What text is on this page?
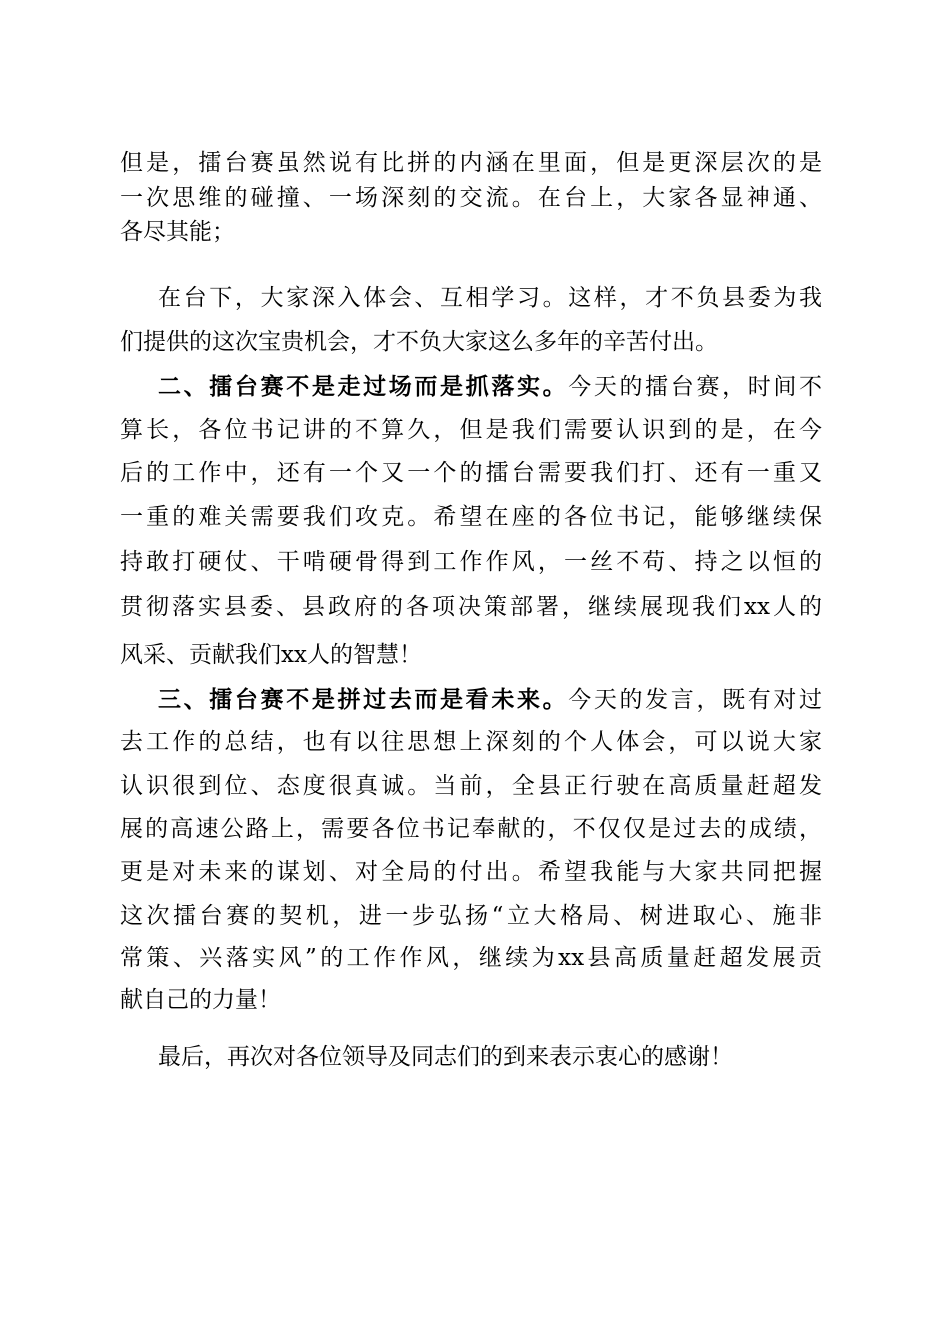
但是，擂台赛虽然说有比拼的内涵在里面，但是更深层次的是
一次思维的碰撞、一场深刻的交流。在台上，大家各显神通、
各尽其能；
在台下，大家深入体会、互相学习。这样，才不负县委为我
们提供的这次宝贵机会，才不负大家这么多年的辛苦付出。
二、擂台赛不是走过场而是抓落实。今天的擂台赛，时间不
算长，各位书记讲的不算久，但是我们需要认识到的是，在今
后的工作中，还有一个又一个的擂台需要我们打、还有一重又
一重的难关需要我们攻克。希望在座的各位书记，能够继续保
持敢打硬仗、干啃硬骨得到工作作风，一丝不苟、持之以恒的
贯彻落实县委、县政府的各项决策部署，继续展现我们xx人的
风采、贡献我们xx人的智慧！
三、擂台赛不是拼过去而是看未来。今天的发言，既有对过
去工作的总结，也有以往思想上深刻的个人体会，可以说大家
认识很到位、态度很真诚。当前，全县正行驶在高质量赶超发
展的高速公路上，需要各位书记奉献的，不仅仅是过去的成绩，
更是对未来的谋划、对全局的付出。希望我能与大家共同把握
这次擂台赛的契机，进一步弘扬“立大格局、树进取心、施非
常策、兴落实风”的工作作风，继续为xx县高质量赶超发展贡
献自己的力量！
最后，再次对各位领导及同志们的到来表示衷心的感谢！
